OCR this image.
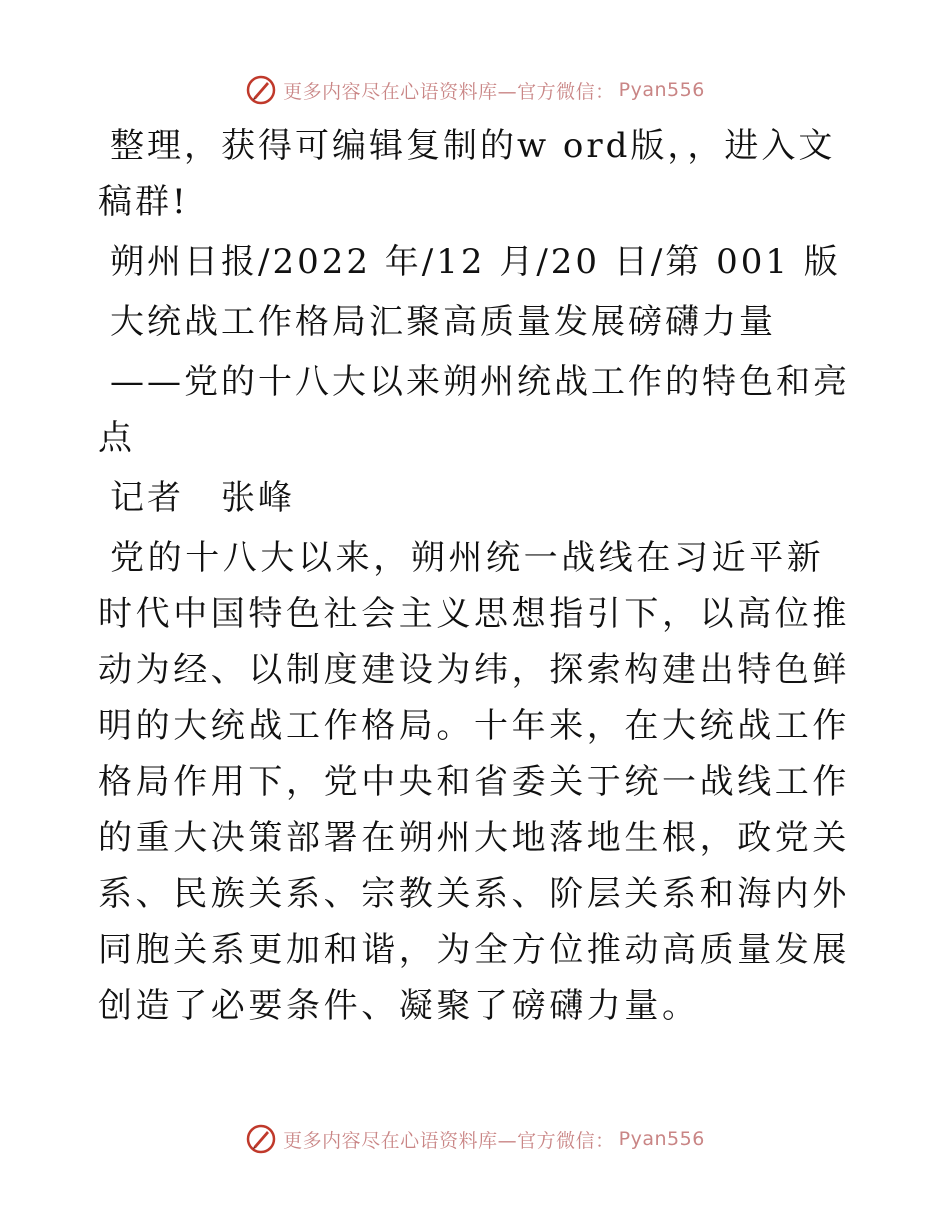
更多内容尽在心语资料库—官方微信： Pyan556

整理，获得可编辑复制的w ord版，，进入文稿群!

朔州日报/2022 年/12 月/20 日/第 001 版

大统战工作格局汇聚高质量发展磅礴力量

——党的十八大以来朔州统战工作的特色和亮点

记者　张峰

党的十八大以来，朔州统一战线在习近平新时代中国特色社会主义思想指引下，以高位推动为经、以制度建设为纬，探索构建出特色鲜明的大统战工作格局。十年来，在大统战工作格局作用下，党中央和省委关于统一战线工作的重大决策部署在朔州大地落地生根，政党关系、民族关系、宗教关系、阶层关系和海内外同胞关系更加和谐，为全方位推动高质量发展创造了必要条件、凝聚了磅礴力量。

更多内容尽在心语资料库—官方微信： Pyan556
